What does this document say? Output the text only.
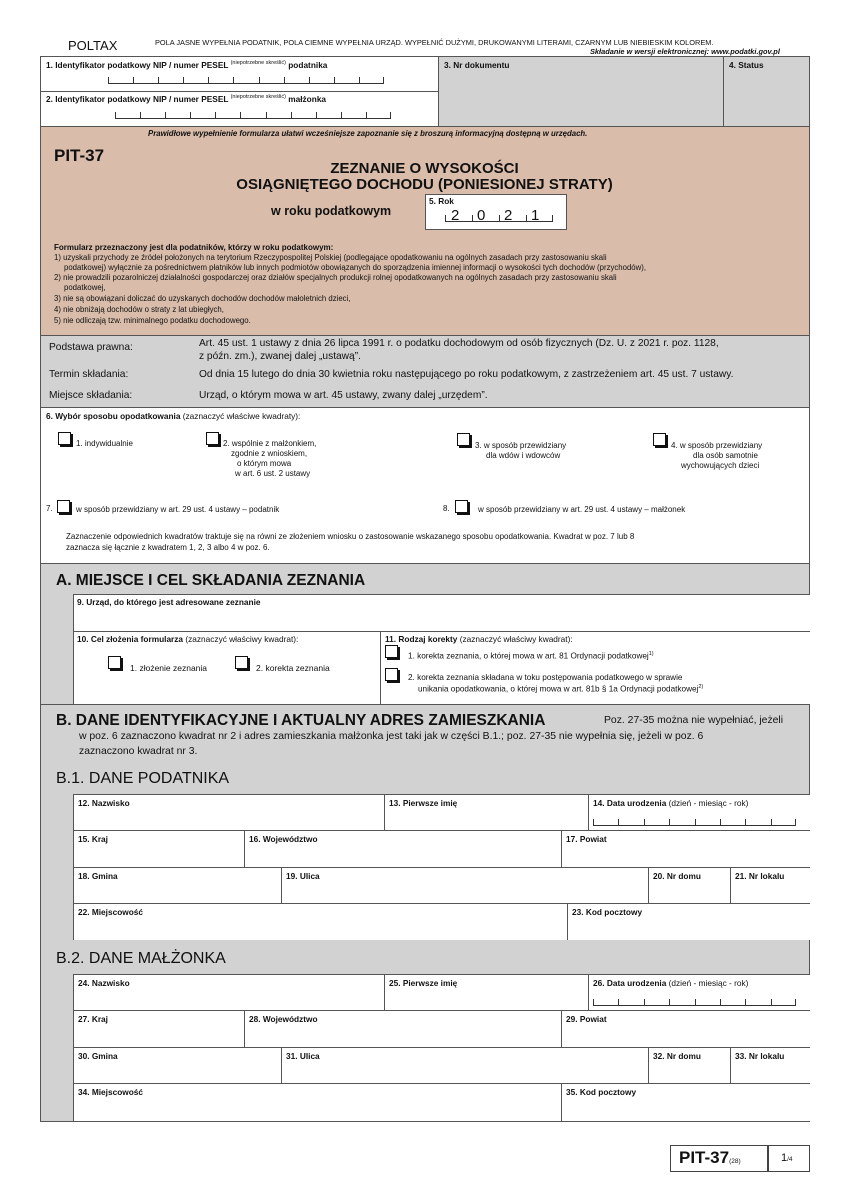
POLTAX	POLA JASNE WYPEŁNIA PODATNIK, POLA CIEMNE WYPEŁNIA URZĄD. WYPEŁNIĆ DUŻYMI, DRUKOWANYMI LITERAMI, CZARNYM LUB NIEBIESKIM KOLOREM.
Składanie w wersji elektronicznej: www.podatki.gov.pl
1. Identyfikator podatkowy NIP / numer PESEL $^{(niepotrzebne skreślić)}$ podatnika
2. Identyfikator podatkowy NIP / numer PESEL $^{(niepotrzebne skreślić)}$ małżonka
3. Nr dokumentu	4. Status
Prawidłowe wypełnienie formularza ułatwi wcześniejsze zapoznanie się z broszurą informacyjną dostępną w urzędach.
PIT-37
ZEZNANIE O WYSOKOŚCI
OSIĄGNIĘTEGO DOCHODU (PONIESIONEJ STRATY)
w roku podatkowym
5. Rok
2 0 2 1
Formularz przeznaczony jest dla podatników, którzy w roku podatkowym:
1) uzyskali przychody ze źródeł położonych na terytorium Rzeczypospolitej Polskiej (podlegające opodatkowaniu na ogólnych zasadach przy zastosowaniu skali
podatkowej) wyłącznie za pośrednictwem płatników lub innych podmiotów obowiązanych do sporządzenia imiennej informacji o wysokości tych dochodów (przychodów),
2) nie prowadzili pozarolniczej działalności gospodarczej oraz działów specjalnych produkcji rolnej opodatkowanych na ogólnych zasadach przy zastosowaniu skali
podatkowej,
3) nie są obowiązani doliczać do uzyskanych dochodów dochodów małoletnich dzieci,
4) nie obniżają dochodów o straty z lat ubiegłych,
5) nie odliczają tzw. minimalnego podatku dochodowego.
Podstawa prawna:	Art. 45 ust. 1 ustawy z dnia 26 lipca 1991 r. o podatku dochodowym od osób fizycznych (Dz. U. z 2021 r. poz. 1128,
z późn. zm.), zwanej dalej „ustawą”.
Termin składania:	Od dnia 15 lutego do dnia 30 kwietnia roku następującego po roku podatkowym, z zastrzeżeniem art. 45 ust. 7 ustawy.
Miejsce składania:	Urząd, o którym mowa w art. 45 ustawy, zwany dalej „urzędem”.
6. Wybór sposobu opodatkowania (zaznaczyć właściwe kwadraty):
1. indywidualnie	2. wspólnie z małżonkiem,
zgodnie z wnioskiem,
o którym mowa
w art. 6 ust. 2 ustawy
3. w sposób przewidziany
dla wdów i wdowców
4. w sposób przewidziany
dla osób samotnie
wychowujących dzieci
7.	w sposób przewidziany w art. 29 ust. 4 ustawy – podatnik	8.	w sposób przewidziany w art. 29 ust. 4 ustawy – małżonek
Zaznaczenie odpowiednich kwadratów traktuje się na równi ze złożeniem wniosku o zastosowanie wskazanego sposobu opodatkowania. Kwadrat w poz. 7 lub 8
zaznacza się łącznie z kwadratem 1, 2, 3 albo 4 w poz. 6.
A. MIEJSCE I CEL SKŁADANIA ZEZNANIA
9. Urząd, do którego jest adresowane zeznanie
10. Cel złożenia formularza (zaznaczyć właściwy kwadrat):
1. złożenie zeznania	2. korekta zeznania
11. Rodzaj korekty (zaznaczyć właściwy kwadrat):
1. korekta zeznania, o której mowa w art. 81 Ordynacji podatkowej$^{1)}$
2. korekta zeznania składana w toku postępowania podatkowego w sprawie
unikania opodatkowania, o której mowa w art. 81b § 1a Ordynacji podatkowej$^{2)}$
B. DANE IDENTYFIKACYJNE I AKTUALNY ADRES ZAMIESZKANIA	Poz. 27-35 można nie wypełniać, jeżeli
w poz. 6 zaznaczono kwadrat nr 2 i adres zamieszkania małżonka jest taki jak w części B.1.; poz. 27-35 nie wypełnia się, jeżeli w poz. 6
zaznaczono kwadrat nr 3.
B.1. DANE PODATNIKA
12. Nazwisko	13. Pierwsze imię	14. Data urodzenia (dzień - miesiąc - rok)
15. Kraj	16. Województwo	17. Powiat
18. Gmina	19. Ulica	20. Nr domu	21. Nr lokalu
22. Miejscowość	23. Kod pocztowy
B.2. DANE MAŁŻONKA
24. Nazwisko	25. Pierwsze imię	26. Data urodzenia (dzień - miesiąc - rok)
27. Kraj	28. Województwo	29. Powiat
30. Gmina	31. Ulica	32. Nr domu	33. Nr lokalu
34. Miejscowość	35. Kod pocztowy
PIT-37(28)	1/4
